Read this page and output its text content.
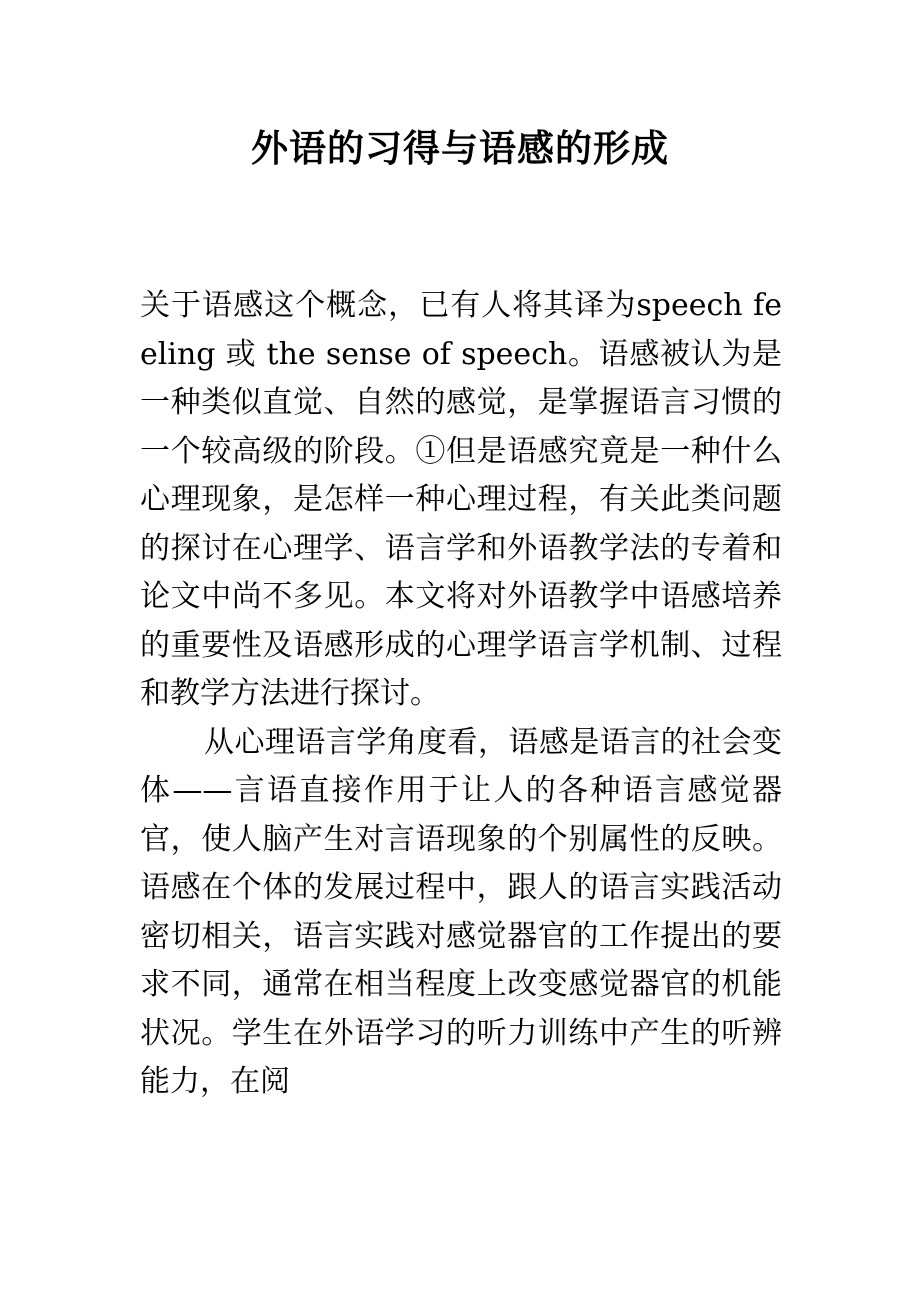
外语的习得与语感的形成

关于语感这个概念，已有人将其译为speech feeling 或 the sense of speech。语感被认为是一种类似直觉、自然的感觉，是掌握语言习惯的一个较高级的阶段。①但是语感究竟是一种什么心理现象，是怎样一种心理过程，有关此类问题的探讨在心理学、语言学和外语教学法的专着和论文中尚不多见。本文将对外语教学中语感培养的重要性及语感形成的心理学语言学机制、过程和教学方法进行探讨。

从心理语言学角度看，语感是语言的社会变体——言语直接作用于让人的各种语言感觉器官，使人脑产生对言语现象的个别属性的反映。语感在个体的发展过程中，跟人的语言实践活动密切相关，语言实践对感觉器官的工作提出的要求不同，通常在相当程度上改变感觉器官的机能状况。学生在外语学习的听力训练中产生的听辨能力，在阅
